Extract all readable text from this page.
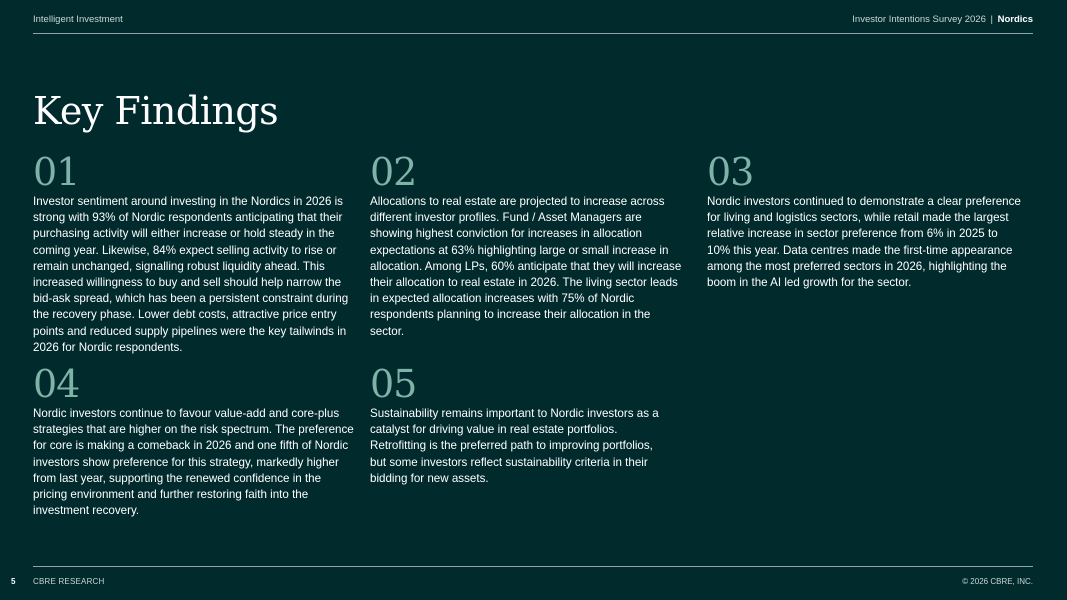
Intelligent Investment	Investor Intentions Survey 2026 | Nordics
Key Findings
01
Investor sentiment around investing in the Nordics in 2026 is strong with 93% of Nordic respondents anticipating that their purchasing activity will either increase or hold steady in the coming year. Likewise, 84% expect selling activity to rise or remain unchanged, signalling robust liquidity ahead. This increased willingness to buy and sell should help narrow the bid-ask spread, which has been a persistent constraint during the recovery phase. Lower debt costs, attractive price entry points and reduced supply pipelines were the key tailwinds in 2026 for Nordic respondents.
02
Allocations to real estate are projected to increase across different investor profiles. Fund / Asset Managers are showing highest conviction for increases in allocation expectations at 63% highlighting large or small increase in allocation. Among LPs, 60% anticipate that they will increase their allocation to real estate in 2026. The living sector leads in expected allocation increases with 75% of Nordic respondents planning to increase their allocation in the sector.
03
Nordic investors continued to demonstrate a clear preference for living and logistics sectors, while retail made the largest relative increase in sector preference from 6% in 2025 to 10% this year. Data centres made the first-time appearance among the most preferred sectors in 2026, highlighting the boom in the AI led growth for the sector.
04
Nordic investors continue to favour value-add and core-plus strategies that are higher on the risk spectrum. The preference for core is making a comeback in 2026 and one fifth of Nordic investors show preference for this strategy, markedly higher from last year, supporting the renewed confidence in the pricing environment and further restoring faith into the investment recovery.
05
Sustainability remains important to Nordic investors as a catalyst for driving value in real estate portfolios. Retrofitting is the preferred path to improving portfolios, but some investors reflect sustainability criteria in their bidding for new assets.
5 CBRE RESEARCH	© 2026 CBRE, INC.
